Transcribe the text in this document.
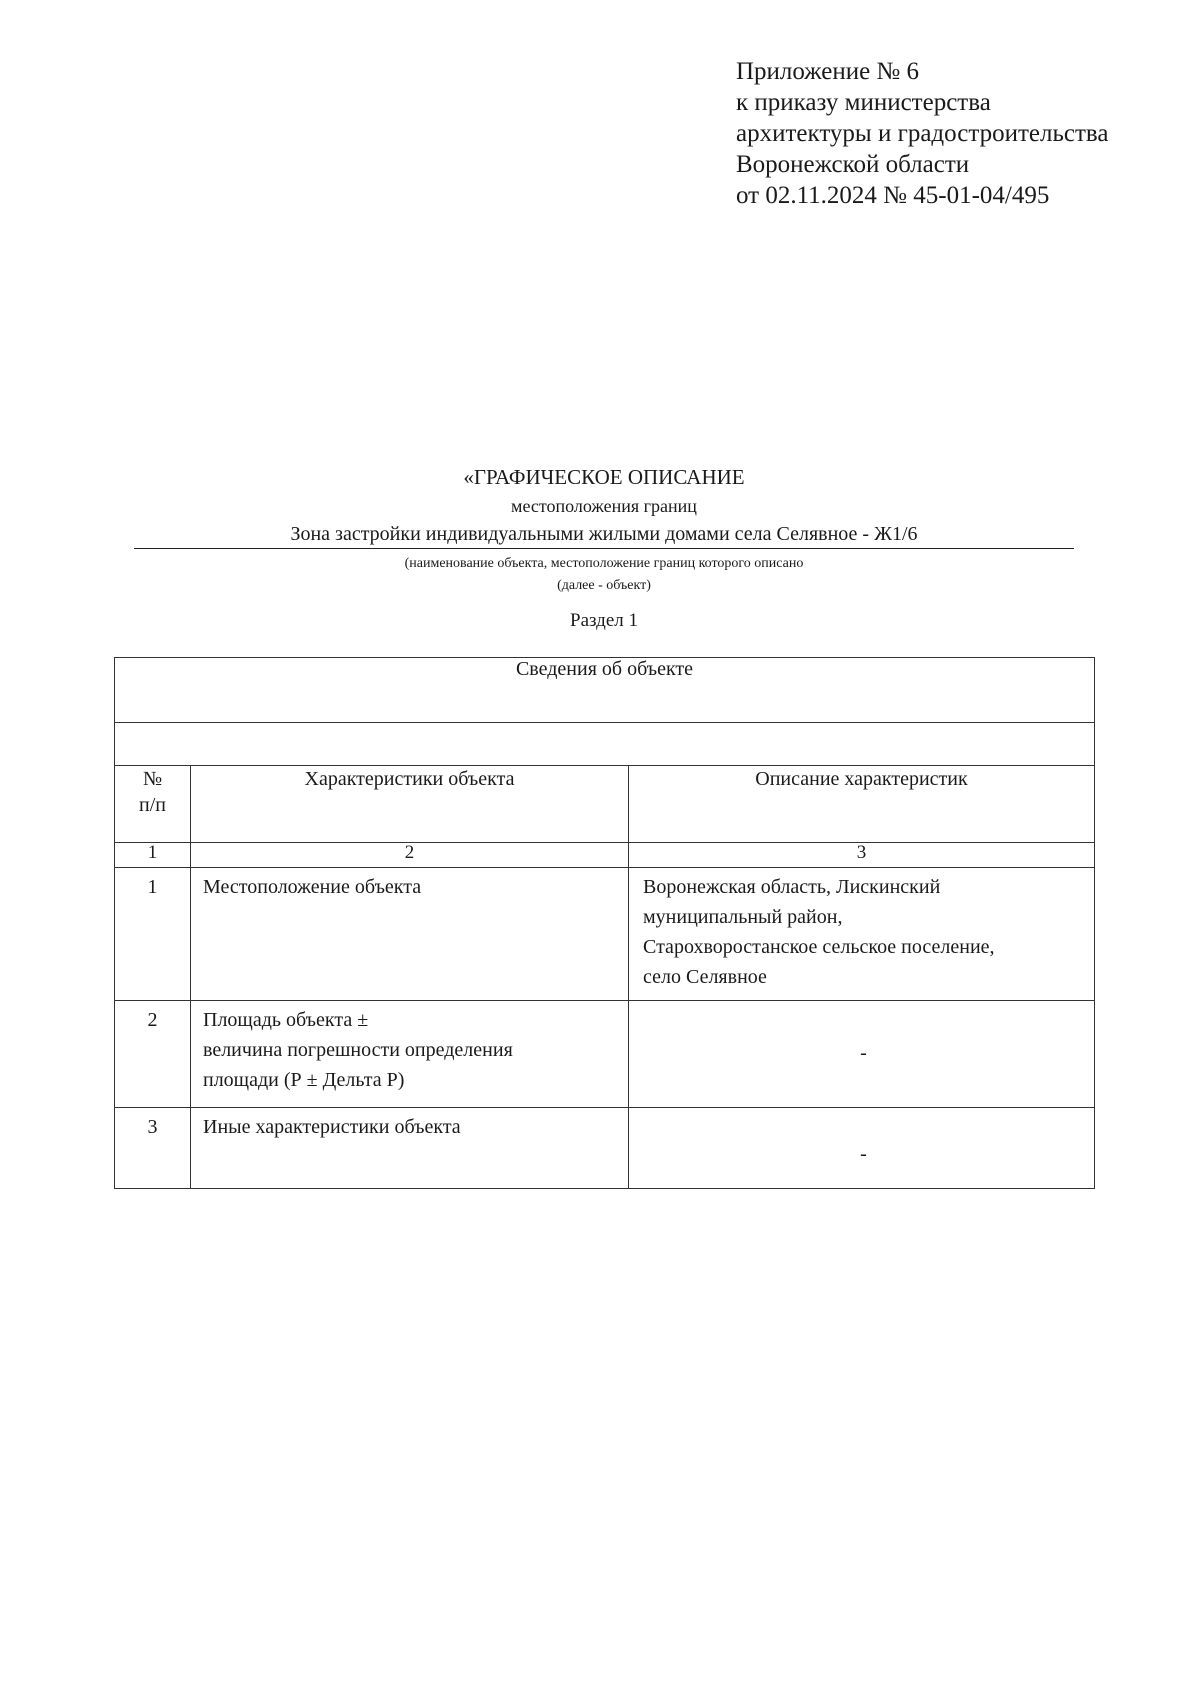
Приложение № 6
к приказу министерства
архитектуры и градостроительства
Воронежской области
от 02.11.2024 № 45-01-04/495
«ГРАФИЧЕСКОЕ ОПИСАНИЕ
местоположения границ
Зона застройки индивидуальными жилыми домами села Селявное - Ж1/6
(наименование объекта, местоположение границ которого описано
(далее - объект)
Раздел 1
Сведения об объекте		

№
п/п	Характеристики объекта	Описание характеристик
1	2	3
1	Местоположение объекта	Воронежская область, Лискинский
муниципальный район,
Старохворостанское сельское поселение,
село Селявное

2	Площадь объекта ±
величина погрешности определения
площади (Р ± Дельта Р)	-
3	Иные характеристики объекта	-
